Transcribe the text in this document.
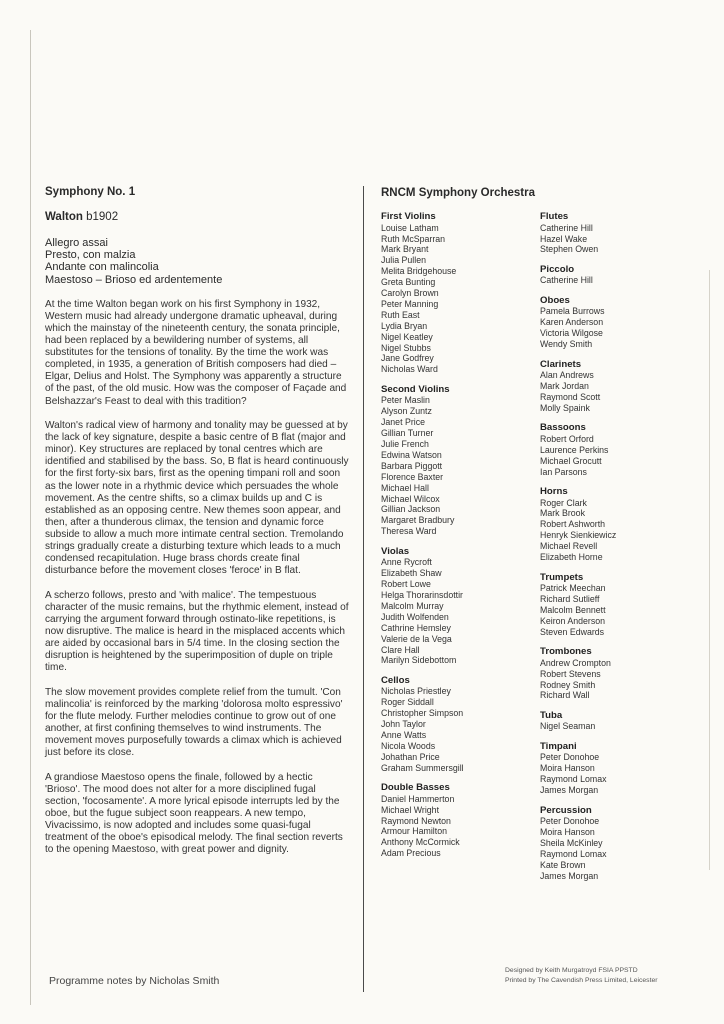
Symphony No. 1

Walton b1902

Allegro assai
Presto, con malzia
Andante con malincolia
Maestoso – Brioso ed ardentemente

At the time Walton began work on his first Symphony in 1932, Western music had already undergone dramatic upheaval, during which the mainstay of the nineteenth century, the sonata principle, had been replaced by a bewildering number of systems, all substitutes for the tensions of tonality. By the time the work was completed, in 1935, a generation of British composers had died – Elgar, Delius and Holst. The Symphony was apparently a structure of the past, of the old music. How was the composer of Façade and Belshazzar's Feast to deal with this tradition?

Walton's radical view of harmony and tonality may be guessed at by the lack of key signature, despite a basic centre of B flat (major and minor). Key structures are replaced by tonal centres which are identified and stabilised by the bass. So, B flat is heard continuously for the first forty-six bars, first as the opening timpani roll and soon as the lower note in a rhythmic device which persuades the whole movement. As the centre shifts, so a climax builds up and C is established as an opposing centre. New themes soon appear, and then, after a thunderous climax, the tension and dynamic force subside to allow a much more intimate central section. Tremolando strings gradually create a disturbing texture which leads to a much condensed recapitulation. Huge brass chords create final disturbance before the movement closes 'feroce' in B flat.

A scherzo follows, presto and 'with malice'. The tempestuous character of the music remains, but the rhythmic element, instead of carrying the argument forward through ostinato-like repetitions, is now disruptive. The malice is heard in the misplaced accents which are aided by occasional bars in 5/4 time. In the closing section the disruption is heightened by the superimposition of duple on triple time.

The slow movement provides complete relief from the tumult. 'Con malincolia' is reinforced by the marking 'dolorosa molto espressivo' for the flute melody. Further melodies continue to grow out of one another, at first confining themselves to wind instruments. The movement moves purposefully towards a climax which is achieved just before its close.

A grandiose Maestoso opens the finale, followed by a hectic 'Brioso'. The mood does not alter for a more disciplined fugal section, 'focosamente'. A more lyrical episode interrupts led by the oboe, but the fugue subject soon reappears. A new tempo, Vivacissimo, is now adopted and includes some quasi-fugal treatment of the oboe's episodical melody. The final section reverts to the opening Maestoso, with great power and dignity.

Programme notes by Nicholas Smith
RNCM Symphony Orchestra
First Violins
Louise Latham
Ruth McSparran
Mark Bryant
Julia Pullen
Melita Bridgehouse
Greta Bunting
Carolyn Brown
Peter Manning
Ruth East
Lydia Bryan
Nigel Keatley
Nigel Stubbs
Jane Godfrey
Nicholas Ward
Second Violins
Peter Maslin
Alyson Zuntz
Janet Price
Gillian Turner
Julie French
Edwina Watson
Barbara Piggott
Florence Baxter
Michael Hall
Michael Wilcox
Gillian Jackson
Margaret Bradbury
Theresa Ward
Violas
Anne Rycroft
Elizabeth Shaw
Robert Lowe
Helga Thorarinsdottir
Malcolm Murray
Judith Wolfenden
Cathrine Hemsley
Valerie de la Vega
Clare Hall
Marilyn Sidebottom
Cellos
Nicholas Priestley
Roger Siddall
Christopher Simpson
John Taylor
Anne Watts
Nicola Woods
Johathan Price
Graham Summersgill
Double Basses
Daniel Hammerton
Michael Wright
Raymond Newton
Armour Hamilton
Anthony McCormick
Adam Precious
Flutes
Catherine Hill
Hazel Wake
Stephen Owen
Piccolo
Catherine Hill
Oboes
Pamela Burrows
Karen Anderson
Victoria Wilgose
Wendy Smith
Clarinets
Alan Andrews
Mark Jordan
Raymond Scott
Molly Spaink
Bassoons
Robert Orford
Laurence Perkins
Michael Grocutt
Ian Parsons
Horns
Roger Clark
Mark Brook
Robert Ashworth
Henryk Sienkiewicz
Michael Revell
Elizabeth Horne
Trumpets
Patrick Meechan
Richard Sutlieff
Malcolm Bennett
Keiron Anderson
Steven Edwards
Trombones
Andrew Crompton
Robert Stevens
Rodney Smith
Richard Wall
Tuba
Nigel Seaman
Timpani
Peter Donohoe
Moira Hanson
Raymond Lomax
James Morgan
Percussion
Peter Donohoe
Moira Hanson
Sheila McKinley
Raymond Lomax
Kate Brown
James Morgan
Designed by Keith Murgatroyd FSIA PPSTD
Printed by The Cavendish Press Limited, Leicester
